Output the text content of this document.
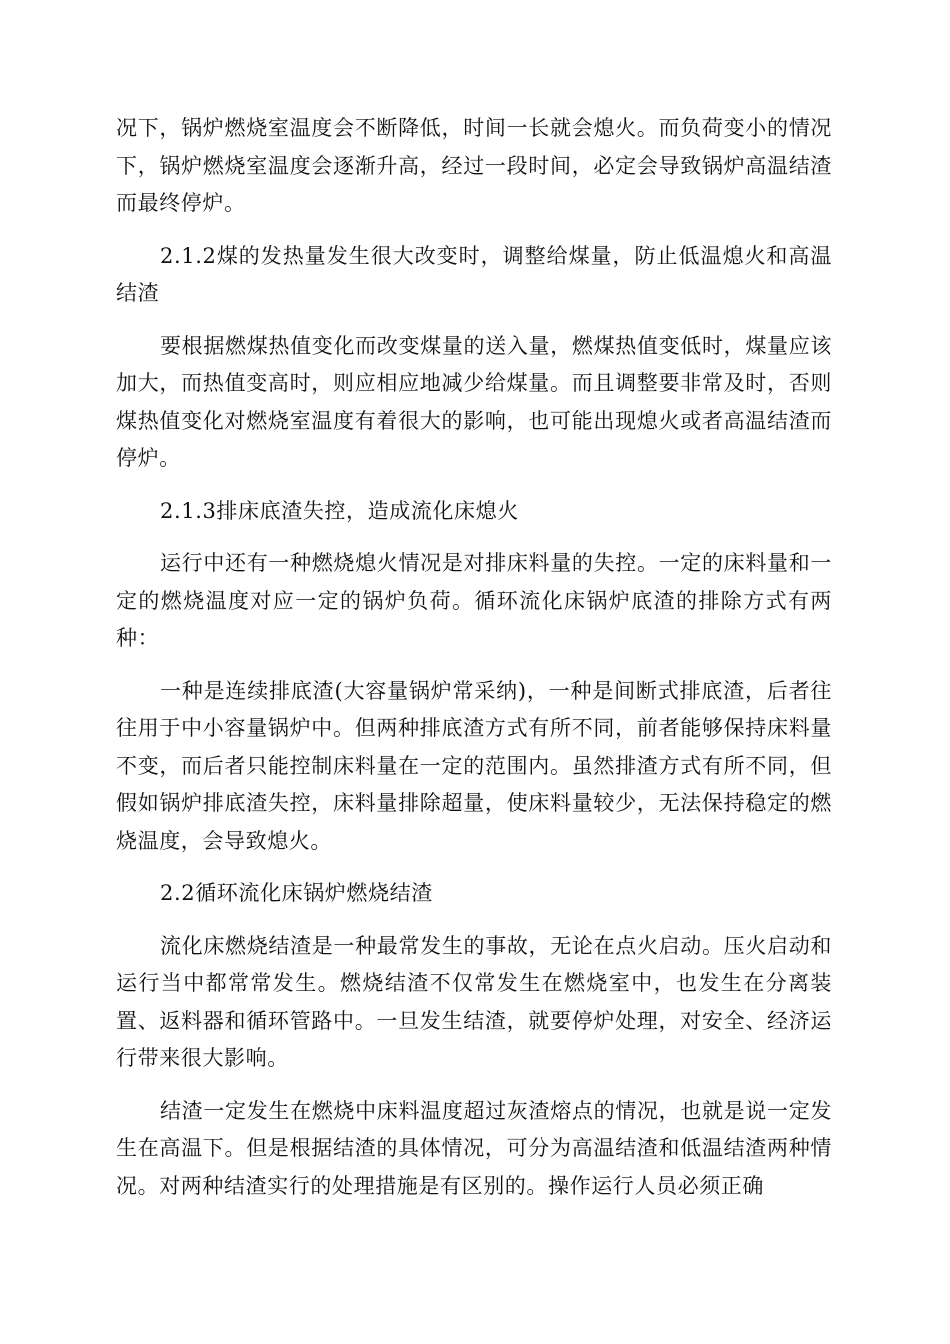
况下，锅炉燃烧室温度会不断降低，时间一长就会熄火。而负荷变小的情况下，锅炉燃烧室温度会逐渐升高，经过一段时间，必定会导致锅炉高温结渣而最终停炉。

2.1.2煤的发热量发生很大改变时，调整给煤量，防止低温熄火和高温结渣

要根据燃煤热值变化而改变煤量的送入量，燃煤热值变低时，煤量应该加大，而热值变高时，则应相应地减少给煤量。而且调整要非常及时，否则煤热值变化对燃烧室温度有着很大的影响，也可能出现熄火或者高温结渣而停炉。

2.1.3排床底渣失控，造成流化床熄火

运行中还有一种燃烧熄火情况是对排床料量的失控。一定的床料量和一定的燃烧温度对应一定的锅炉负荷。循环流化床锅炉底渣的排除方式有两种：

一种是连续排底渣(大容量锅炉常采纳)，一种是间断式排底渣，后者往往用于中小容量锅炉中。但两种排底渣方式有所不同，前者能够保持床料量不变，而后者只能控制床料量在一定的范围内。虽然排渣方式有所不同，但假如锅炉排底渣失控，床料量排除超量，使床料量较少，无法保持稳定的燃烧温度，会导致熄火。

2.2循环流化床锅炉燃烧结渣

流化床燃烧结渣是一种最常发生的事故，无论在点火启动。压火启动和运行当中都常常发生。燃烧结渣不仅常发生在燃烧室中，也发生在分离装置、返料器和循环管路中。一旦发生结渣，就要停炉处理，对安全、经济运行带来很大影响。

结渣一定发生在燃烧中床料温度超过灰渣熔点的情况，也就是说一定发生在高温下。但是根据结渣的具体情况，可分为高温结渣和低温结渣两种情况。对两种结渣实行的处理措施是有区别的。操作运行人员必须正确
